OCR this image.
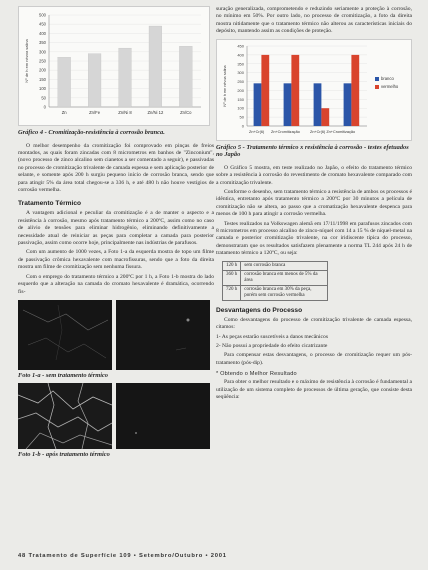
0
50
100
150
200
250
300
350
400
450
500
Zn	Zn/Fe	Zn/Ni 8	Zn/Ni 12	Zn/Co
Nº de h em névoa salina
Gráfico 4 - Cromitização-resistência à corrosão branca.

O melhor desempenho da cromitização foi comprovado em pinças de freios montados, as quais foram zincadas com 8 micrometros em banhos de "Zinconium", (novo processo de zinco alcalino sem cianetos a ser comentado a seguir), e passivadas no processo de cromitização trivalente de camada espessa e sem aplicação posterior de selante, e somente após 200 h surgiu pequeno início de corrosão branca, sendo que para atingir 5% da área total chegou-se a 336 h, e até 480 h não houve vestígios de corrosão vermelha.

Tratamento Térmico

A vantagem adicional e peculiar da cromitização é a de manter o aspecto e a resistência à corrosão, mesmo após tratamento térmico a 200ºC, assim como no caso de alívio de tensões para eliminar hidrogênio, eliminando definitivamente a necessidade atual de reiniciar as peças para completar a camada para posterior passivação, assim como ocorre hoje, principalmente nas indústrias de parafusos.

Com um aumento de 1000 vezes, a Foto 1-a da esquerda mostra de topo um filme de passivação crômica hexavalente com macrofissuras, sendo que a foto da direita mostra um filme de cromitização sem nenhuma fissura.

Com o emprego do tratamento térmico a 200ºC por 1 h, a Foto 1-b mostra do lado esquerdo que a alteração na camada do cromato hexavalente é dramática, ocorrendo fis-

Foto 1-a - sem tratamento térmico
Foto 1-b - após tratamento térmico

suração generalizada, comprometendo e reduzindo seriamente a proteção à corrosão, no mínimo em 50%. Por outro lado, no processo de cromitização, a foto da direita mostra nitidamente que o tratamento térmico não alterou as características iniciais do depósito, mantendo assim as condições de proteção.

0
50
100
150
200
250
300
350
400
450
Zn+Cr(6) Zn+Cromitização	Zn+Cr(6) Zn+Cromitização
Nº de h em névoa salina	branco
vermelho
Gráfico 5 - Tratamento térmico x resistência à corrosão - testes efetuados no Japão

O Gráfico 5 mostra, em teste realizado no Japão, o efeito do tratamento térmico sobre a resistência à corrosão do revestimento de cromato hexavalente comparado com a cromitização trivalente.

Conforme o desenho, sem tratamento térmico a resistência de ambos os processos é idêntica, entretanto após tratamento térmico a 200ºC por 30 minutos a película de cromitização não se altera, ao passo que a cromatização hexavalente despenca para menos de 100 h para atingir a corrosão vermelha.

Testes realizados na Volkswagen alemã em 17/11/1998 em parafusos zincados com 8 micrometros em processo alcalino de zinco-níquel com 14 a 15 % de níquel-metal na camada e posterior cromitização trivalente, na cor iridiscente típica do processo, demonstraram que os resultados satisfazem plenamente a norma TL 244 após 24 h de tratamento térmico a 120ºC, ou seja:

120 h	sem corrosão branca
360 h	corrosão branca em menos de 5% da área
720 h	corrosão branca em 30% da peça, porém sem corrosão vermelha
Desvantagens do Processo

Como desvantagens do processo de cromitização trivalente de camada espessa, citamos:

1- As peças estarão suscetíveis a danos mecânicos

2- Não possui a propriedade do efeito cicatrizante

Para compensar estas desvantagens, o processo de cromitização requer um pós-tratamento (pós-dip).

* Obtendo o Melhor Resultado

Para obter o melhor resultado e o máximo de resistência à corrosão é fundamental a utilização de um sistema completo de processos de última geração, que consiste desta seqüência:

48 Tratamento de Superfície 109 • Setembro/Outubro • 2001
